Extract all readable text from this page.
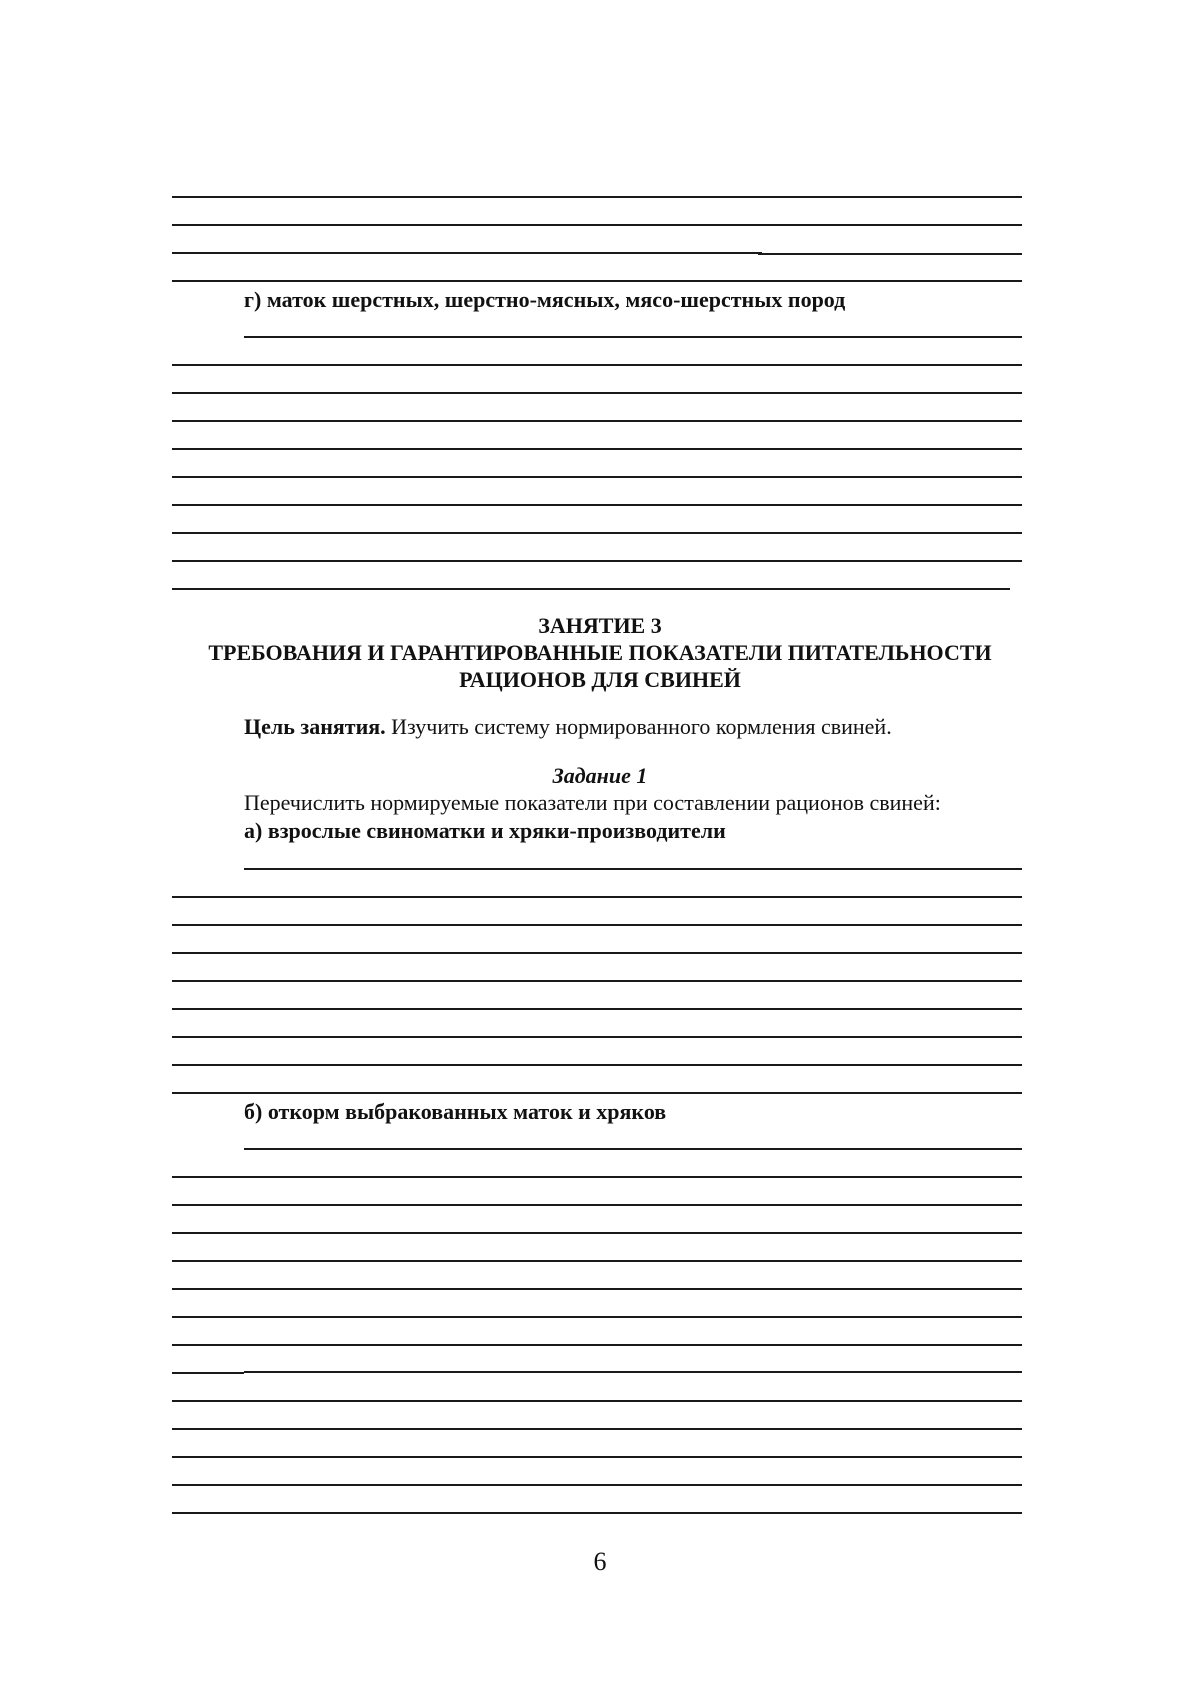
г) маток шерстных, шерстно-мясных, мясо-шерстных пород
ЗАНЯТИЕ 3
ТРЕБОВАНИЯ И ГАРАНТИРОВАННЫЕ ПОКАЗАТЕЛИ ПИТАТЕЛЬНОСТИ
РАЦИОНОВ ДЛЯ СВИНЕЙ
Цель занятия. Изучить систему нормированного кормления свиней.
Задание 1
Перечислить нормируемые показатели при составлении рационов свиней:
а) взрослые свиноматки и хряки-производители
б) откорм выбракованных маток и хряков
6
